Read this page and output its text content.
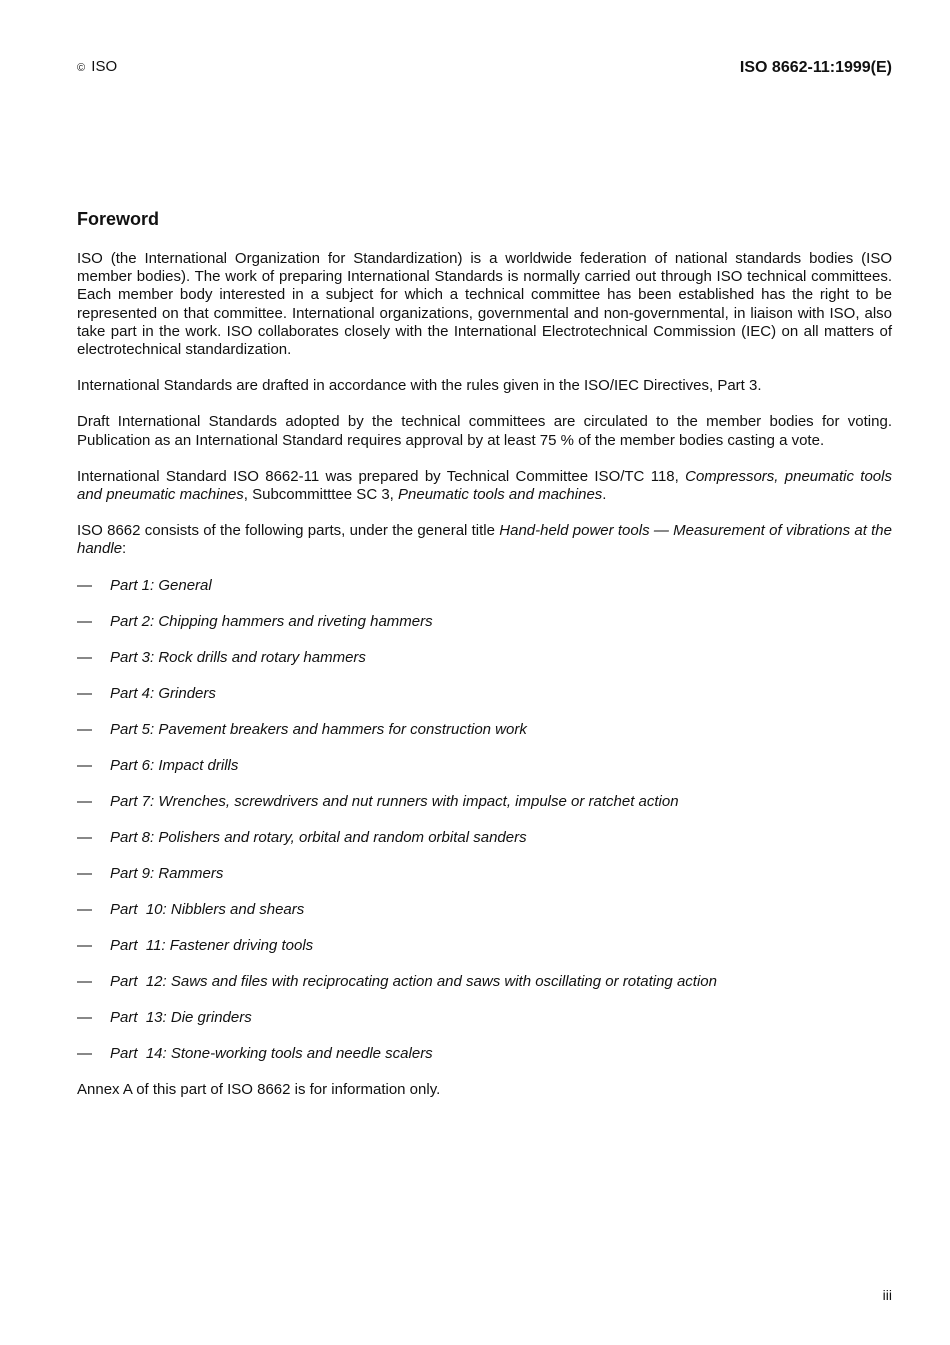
© ISO	ISO 8662-11:1999(E)
Foreword

ISO (the International Organization for Standardization) is a worldwide federation of national standards bodies (ISO member bodies). The work of preparing International Standards is normally carried out through ISO technical committees. Each member body interested in a subject for which a technical committee has been established has the right to be represented on that committee. International organizations, governmental and non-governmental, in liaison with ISO, also take part in the work. ISO collaborates closely with the International Electrotechnical Commission (IEC) on all matters of electrotechnical standardization.

International Standards are drafted in accordance with the rules given in the ISO/IEC Directives, Part 3.

Draft International Standards adopted by the technical committees are circulated to the member bodies for voting. Publication as an International Standard requires approval by at least 75 % of the member bodies casting a vote.

International Standard ISO 8662-11 was prepared by Technical Committee ISO/TC 118, Compressors, pneumatic tools and pneumatic machines, Subcommitttee SC 3, Pneumatic tools and machines.

ISO 8662 consists of the following parts, under the general title Hand-held power tools — Measurement of vibrations at the handle:

—	Part 1: General
—	Part 2: Chipping hammers and riveting hammers
—	Part 3: Rock drills and rotary hammers
—	Part 4: Grinders
—	Part 5: Pavement breakers and hammers for construction work
—	Part 6: Impact drills
—	Part 7: Wrenches, screwdrivers and nut runners with impact, impulse or ratchet action
—	Part 8: Polishers and rotary, orbital and random orbital sanders
—	Part 9: Rammers
—	Part  10: Nibblers and shears
—	Part  11: Fastener driving tools
—	Part  12: Saws and files with reciprocating action and saws with oscillating or rotating action
—	Part  13: Die grinders
—	Part  14: Stone-working tools and needle scalers

Annex A of this part of ISO 8662 is for information only.

iii
